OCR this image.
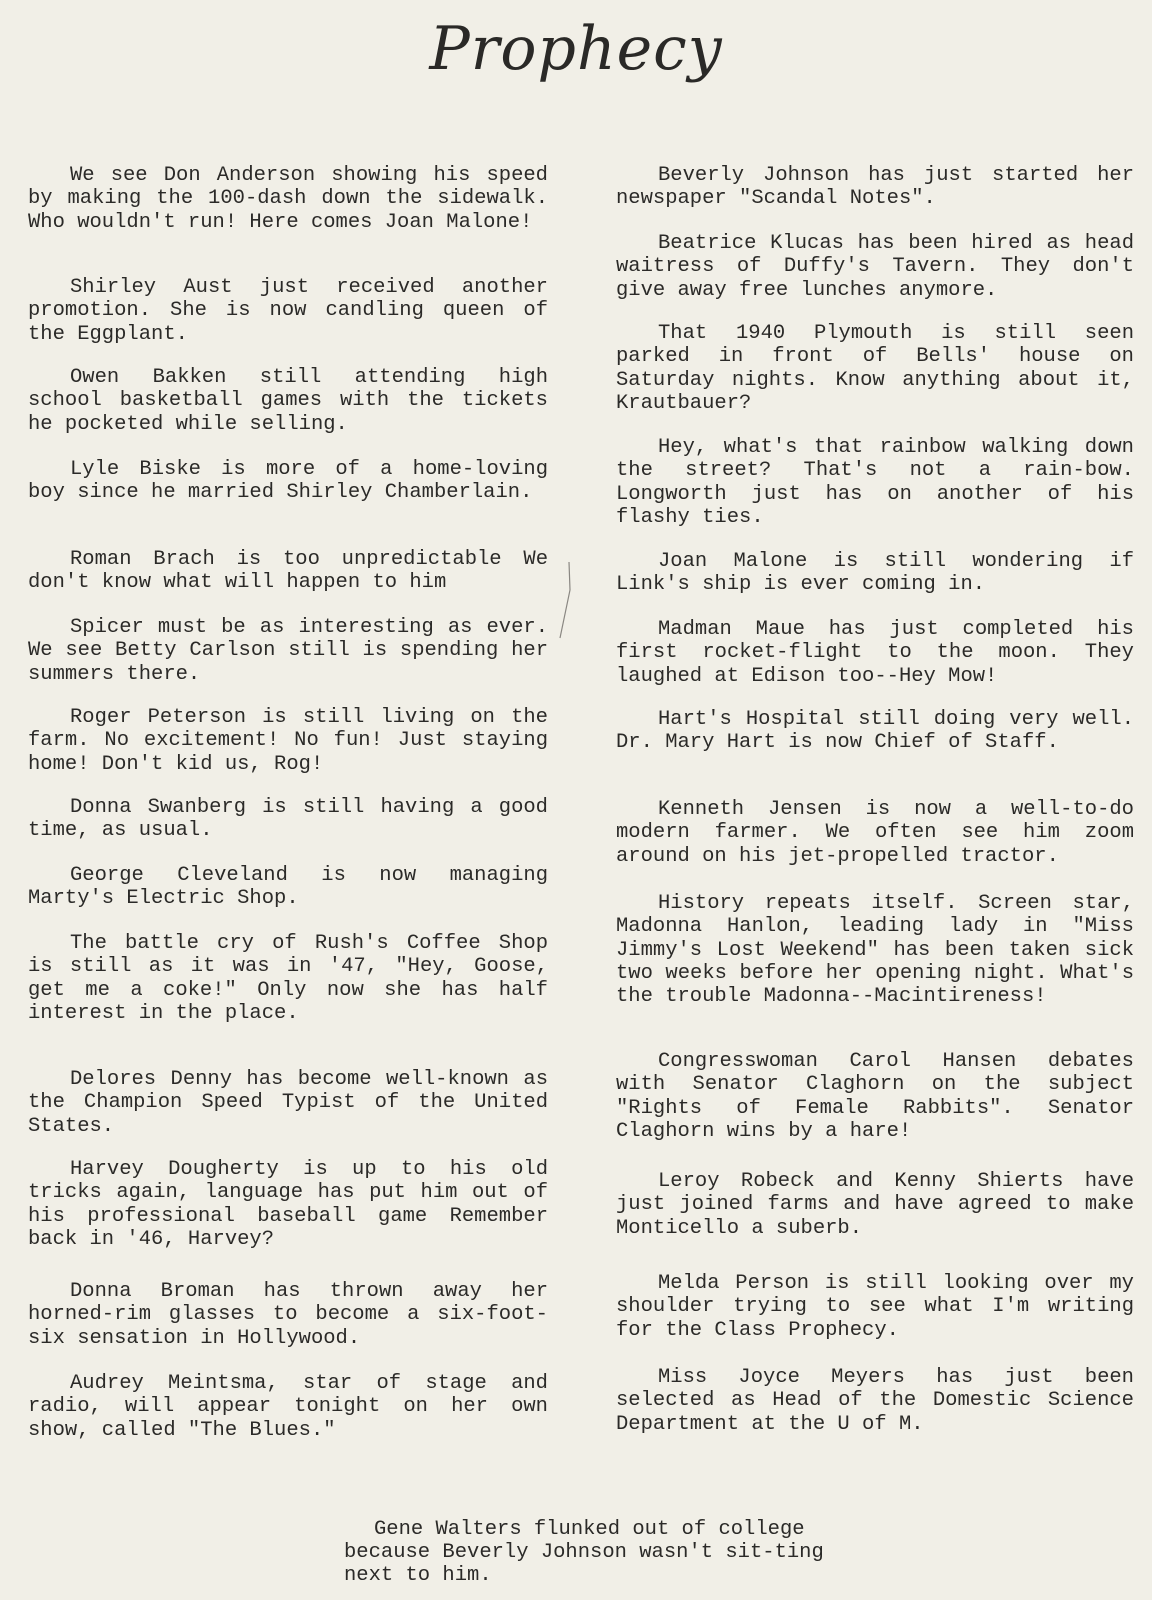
Prophecy

We see Don Anderson showing his speed by making the 100-dash down the sidewalk. Who wouldn't run! Here comes Joan Malone!

Shirley Aust just received another promotion. She is now candling queen of the Eggplant.

Owen Bakken still attending high school basketball games with the tickets he pocketed while selling.

Lyle Biske is more of a home-loving boy since he married Shirley Chamberlain.

Roman Brach is too unpredictable We don't know what will happen to him

Spicer must be as interesting as ever. We see Betty Carlson still is spending her summers there.

Roger Peterson is still living on the farm. No excitement! No fun! Just staying home! Don't kid us, Rog!

Donna Swanberg is still having a good time, as usual.

George Cleveland is now managing Marty's Electric Shop.

The battle cry of Rush's Coffee Shop is still as it was in '47, "Hey, Goose, get me a coke!" Only now she has half interest in the place.

Delores Denny has become well-known as the Champion Speed Typist of the United States.

Harvey Dougherty is up to his old tricks again, language has put him out of his professional baseball game Remember back in '46, Harvey?

Donna Broman has thrown away her horned-rim glasses to become a six-foot-six sensation in Hollywood.

Audrey Meintsma, star of stage and radio, will appear tonight on her own show, called "The Blues."

Beverly Johnson has just started her newspaper "Scandal Notes".

Beatrice Klucas has been hired as head waitress of Duffy's Tavern. They don't give away free lunches anymore.

That 1940 Plymouth is still seen parked in front of Bells' house on Saturday nights. Know anything about it, Krautbauer?

Hey, what's that rainbow walking down the street? That's not a rain-bow. Longworth just has on another of his flashy ties.

Joan Malone is still wondering if Link's ship is ever coming in.

Madman Maue has just completed his first rocket-flight to the moon. They laughed at Edison too--Hey Mow!

Hart's Hospital still doing very well. Dr. Mary Hart is now Chief of Staff.

Kenneth Jensen is now a well-to-do modern farmer. We often see him zoom around on his jet-propelled tractor.

History repeats itself. Screen star, Madonna Hanlon, leading lady in "Miss Jimmy's Lost Weekend" has been taken sick two weeks before her opening night. What's the trouble Madonna--Macintireness!

Congresswoman Carol Hansen debates with Senator Claghorn on the subject "Rights of Female Rabbits". Senator Claghorn wins by a hare!

Leroy Robeck and Kenny Shierts have just joined farms and have agreed to make Monticello a suberb.

Melda Person is still looking over my shoulder trying to see what I'm writing for the Class Prophecy.

Miss Joyce Meyers has just been selected as Head of the Domestic Science Department at the U of M.

Gene Walters flunked out of college because Beverly Johnson wasn't sit-ting next to him.
